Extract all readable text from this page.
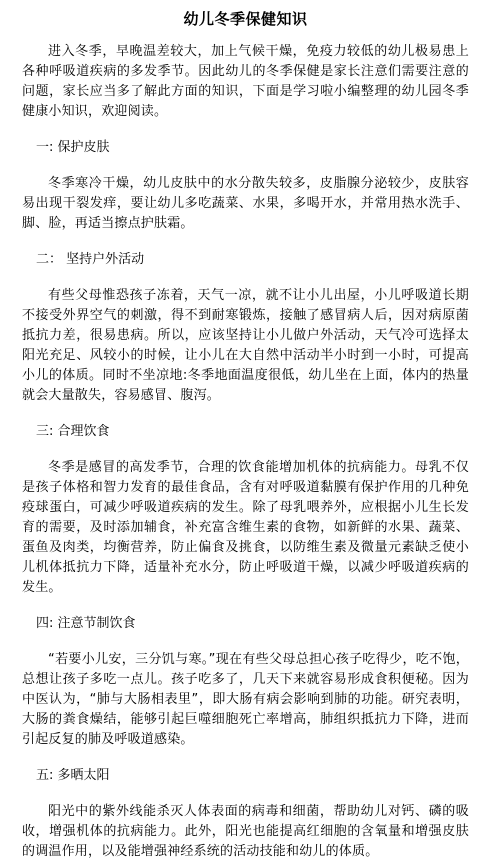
幼儿冬季保健知识

进入冬季，早晚温差较大，加上气候干燥，免疫力较低的幼儿极易患上各种呼吸道疾病的多发季节。因此幼儿的冬季保健是家长注意们需要注意的问题，家长应当多了解此方面的知识，下面是学习啦小编整理的幼儿园冬季健康小知识，欢迎阅读。

一: 保护皮肤

冬季寒冷干燥，幼儿皮肤中的水分散失较多，皮脂腺分泌较少，皮肤容易出现干裂发痒，要让幼儿多吃蔬菜、水果，多喝开水，并常用热水洗手、脚、脸，再适当擦点护肤霜。

二： 坚持户外活动

有些父母惟恐孩子冻着，天气一凉，就不让小儿出屋，小儿呼吸道长期不接受外界空气的刺激，得不到耐寒锻炼，接触了感冒病人后，因对病原菌抵抗力差，很易患病。所以，应该坚持让小儿做户外活动，天气冷可选择太阳光充足、风较小的时候，让小儿在大自然中活动半小时到一小时，可提高小儿的体质。同时不坐凉地:冬季地面温度很低，幼儿坐在上面，体内的热量就会大量散失，容易感冒、腹泻。

三: 合理饮食

冬季是感冒的高发季节，合理的饮食能增加机体的抗病能力。母乳不仅是孩子体格和智力发育的最佳食品，含有对呼吸道黏膜有保护作用的几种免疫球蛋白，可减少呼吸道疾病的发生。除了母乳喂养外，应根据小儿生长发育的需要，及时添加辅食，补充富含维生素的食物，如新鲜的水果、蔬菜、蛋鱼及肉类，均衡营养，防止偏食及挑食，以防维生素及微量元素缺乏使小儿机体抵抗力下降，适量补充水分，防止呼吸道干燥，以减少呼吸道疾病的发生。

四: 注意节制饮食

“若要小儿安，三分饥与寒。”现在有些父母总担心孩子吃得少，吃不饱，总想让孩子多吃一点儿。孩子吃多了，几天下来就容易形成食积便秘。因为中医认为，“肺与大肠相表里”，即大肠有病会影响到肺的功能。研究表明，大肠的粪食燥结，能够引起巨噬细胞死亡率增高，肺组织抵抗力下降，进而引起反复的肺及呼吸道感染。

五: 多晒太阳

阳光中的紫外线能杀灭人体表面的病毒和细菌，帮助幼儿对钙、磷的吸收，增强机体的抗病能力。此外，阳光也能提高红细胞的含氧量和增强皮肤的调温作用，以及能增强神经系统的活动技能和幼儿的体质。
